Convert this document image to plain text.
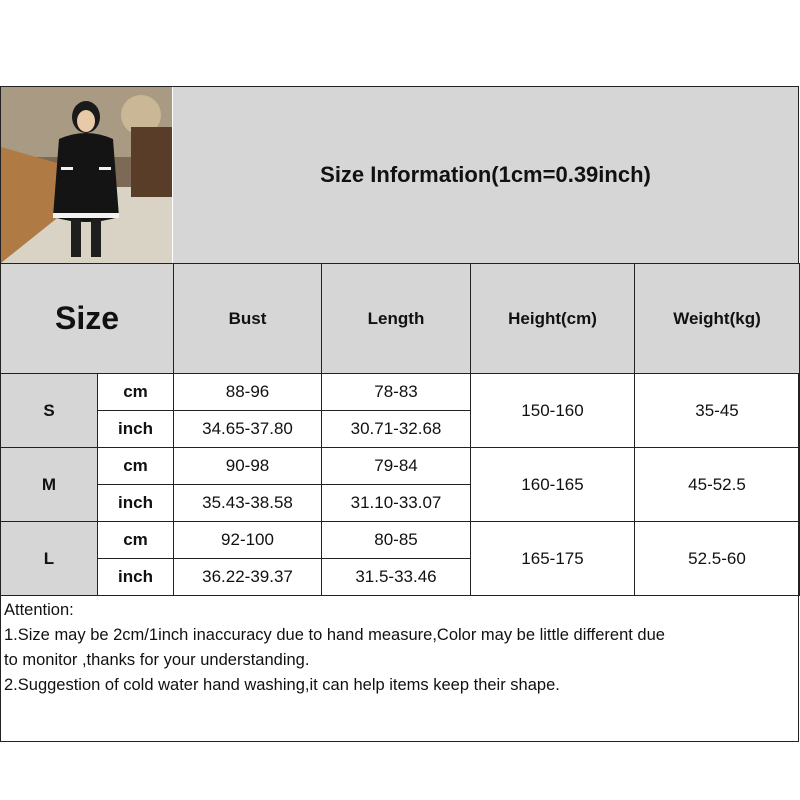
Size Information(1cm=0.39inch)
Size		Bust	Length	Height(cm)	Weight(kg)
S	cm	88-96	78-83	150-160	35-45
	inch	34.65-37.80	30.71-32.68		
M	cm	90-98	79-84	160-165	45-52.5
	inch	35.43-38.58	31.10-33.07		
L	cm	92-100	80-85	165-175	52.5-60
	inch	36.22-39.37	31.5-33.46		
Attention:
1.Size may be 2cm/1inch inaccuracy due to hand measure,Color may be little different due
to monitor ,thanks for your understanding.
2.Suggestion of cold water hand washing,it can help items keep their shape.
